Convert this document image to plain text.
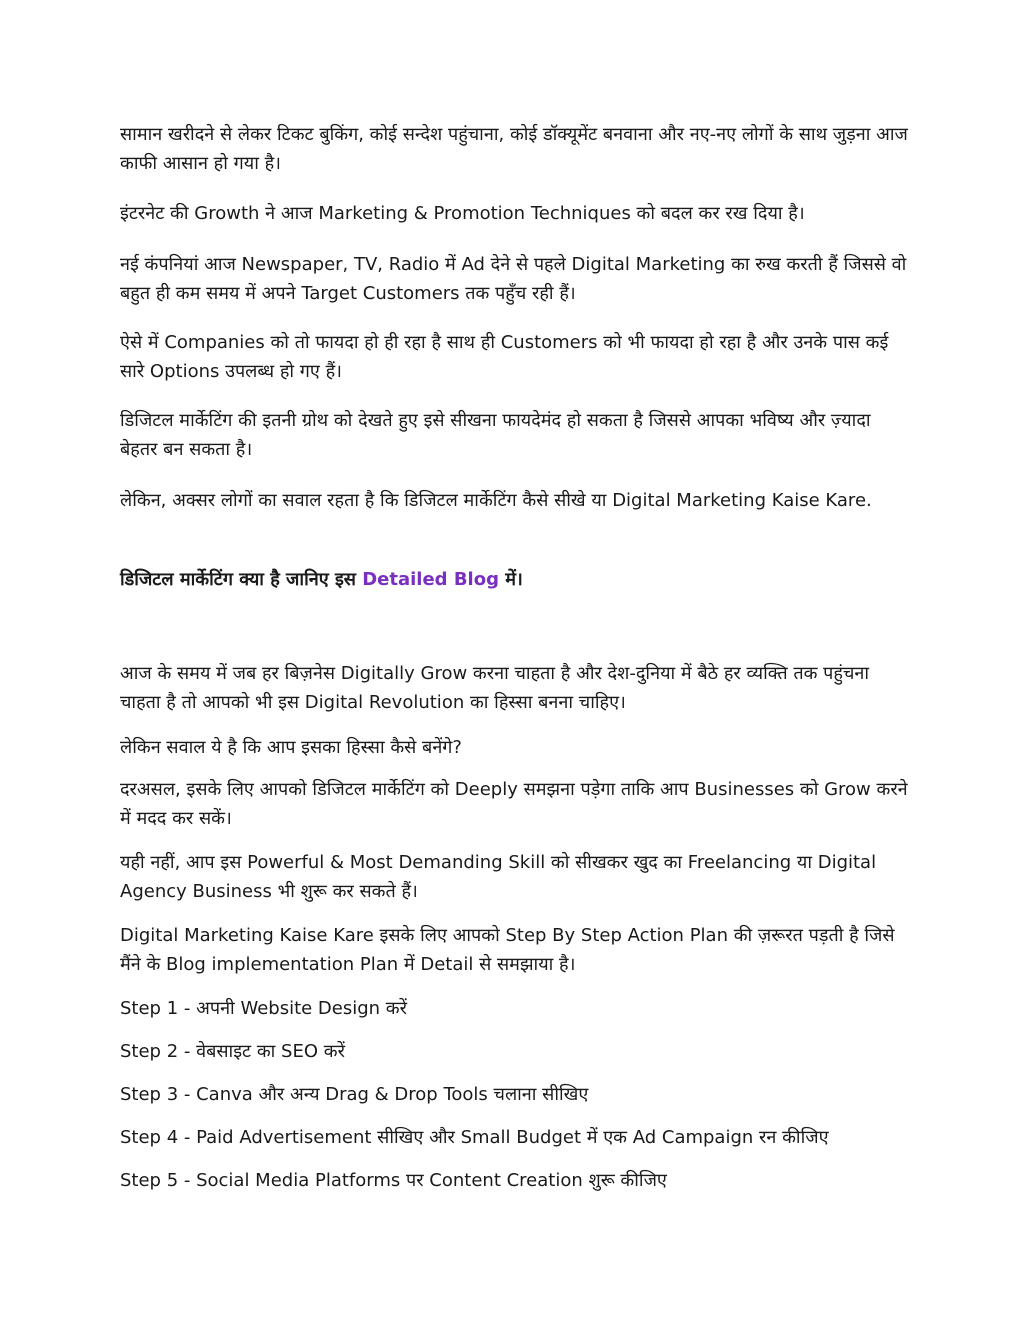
सामान खरीदने से लेकर टिकट बुकिंग, कोई सन्देश पहुंचाना, कोई डॉक्यूमेंट बनवाना और नए-नए लोगों के साथ जुड़ना आज काफी आसान हो गया है।

इंटरनेट की Growth ने आज Marketing & Promotion Techniques को बदल कर रख दिया है।

नई कंपनियां आज Newspaper, TV, Radio में Ad देने से पहले Digital Marketing का रुख करती हैं जिससे वो बहुत ही कम समय में अपने Target Customers तक पहुँच रही हैं।

ऐसे में Companies को तो फायदा हो ही रहा है साथ ही Customers को भी फायदा हो रहा है और उनके पास कई सारे Options उपलब्ध हो गए हैं।

डिजिटल मार्केटिंग की इतनी ग्रोथ को देखते हुए इसे सीखना फायदेमंद हो सकता है जिससे आपका भविष्य और ज़्यादा बेहतर बन सकता है।

लेकिन, अक्सर लोगों का सवाल रहता है कि डिजिटल मार्केटिंग कैसे सीखे या Digital Marketing Kaise Kare.

डिजिटल मार्केटिंग क्या है जानिए इस Detailed Blog में।

आज के समय में जब हर बिज़नेस Digitally Grow करना चाहता है और देश-दुनिया में बैठे हर व्यक्ति तक पहुंचना चाहता है तो आपको भी इस Digital Revolution का हिस्सा बनना चाहिए।

लेकिन सवाल ये है कि आप इसका हिस्सा कैसे बनेंगे?

दरअसल, इसके लिए आपको डिजिटल मार्केटिंग को Deeply समझना पड़ेगा ताकि आप Businesses को Grow करने में मदद कर सकें।

यही नहीं, आप इस Powerful & Most Demanding Skill को सीखकर खुद का Freelancing या Digital Agency Business भी शुरू कर सकते हैं।

Digital Marketing Kaise Kare इसके लिए आपको Step By Step Action Plan की ज़रूरत पड़ती है जिसे मैंने के Blog implementation Plan में Detail से समझाया है।

Step 1 - अपनी Website Design करें

Step 2 - वेबसाइट का SEO करें

Step 3 - Canva और अन्य Drag & Drop Tools चलाना सीखिए

Step 4 - Paid Advertisement सीखिए और Small Budget में एक Ad Campaign रन कीजिए

Step 5 - Social Media Platforms पर Content Creation शुरू कीजिए
